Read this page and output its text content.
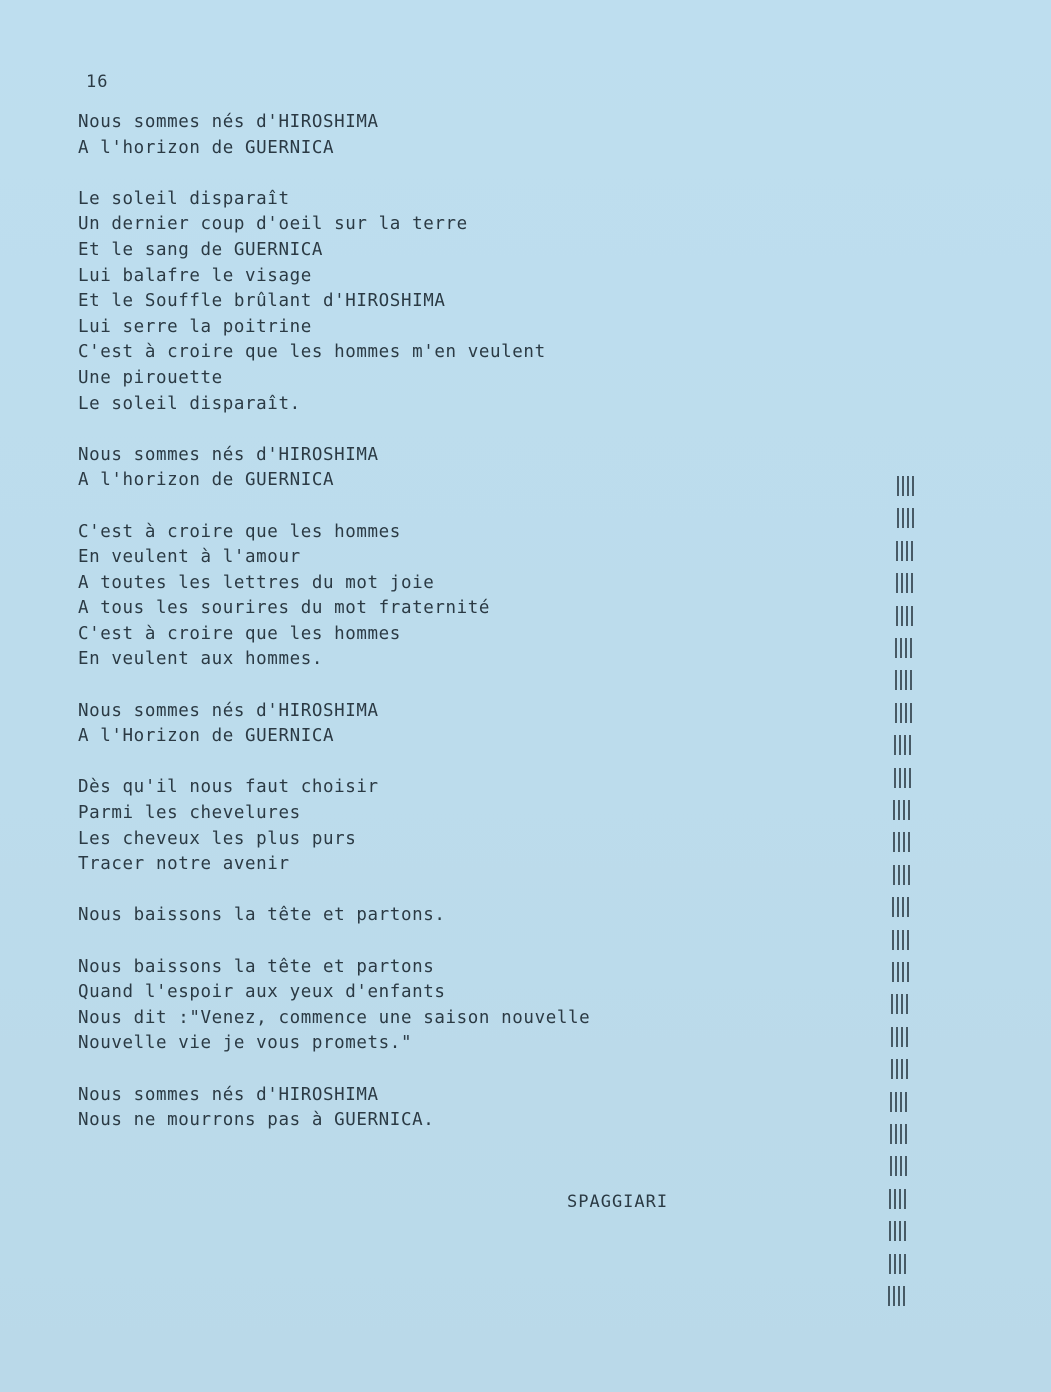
16
Nous sommes nés d'HIROSHIMA
A l'horizon de GUERNICA
Le soleil disparaît
Un dernier coup d'oeil sur la terre
Et le sang de GUERNICA
Lui balafre le visage
Et le Souffle brûlant d'HIROSHIMA
Lui serre la poitrine
C'est à croire que les hommes m'en veulent
Une pirouette
Le soleil disparaît.
Nous sommes nés d'HIROSHIMA
A l'horizon de GUERNICA
C'est à croire que les hommes
En veulent à l'amour
A toutes les lettres du mot joie
A tous les sourires du mot fraternité
C'est à croire que les hommes
En veulent aux hommes.
Nous sommes nés d'HIROSHIMA
A l'Horizon de GUERNICA
Dès qu'il nous faut choisir
Parmi les chevelures
Les cheveux les plus purs
Tracer notre avenir
Nous baissons la tête et partons.
Nous baissons la tête et partons
Quand l'espoir aux yeux d'enfants
Nous dit :"Venez, commence une saison nouvelle
Nouvelle vie je vous promets."
Nous sommes nés d'HIROSHIMA
Nous ne mourrons pas à GUERNICA.
SPAGGIARI
